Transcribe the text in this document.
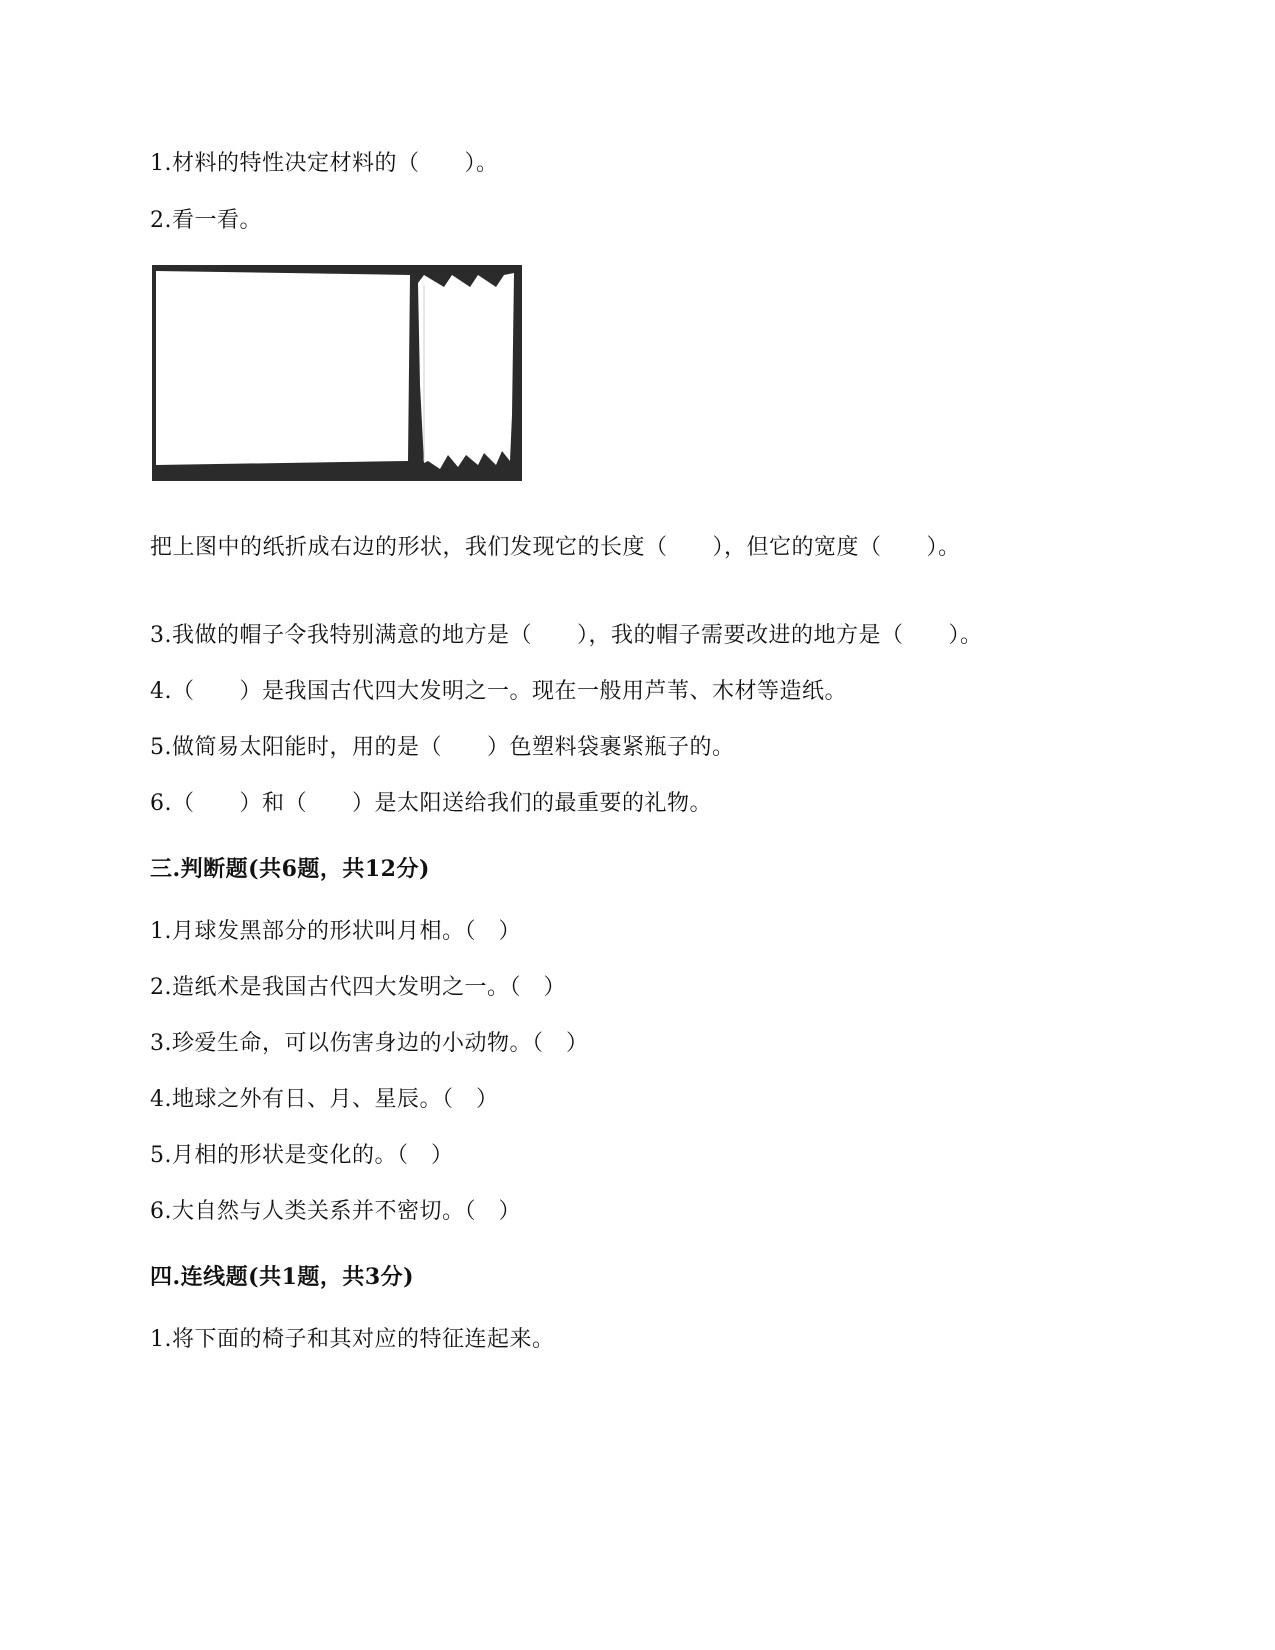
1.材料的特性决定材料的（　　）。
2.看一看。
把上图中的纸折成右边的形状，我们发现它的长度（　　），但它的宽度（　　）。
3.我做的帽子令我特别满意的地方是（　　），我的帽子需要改进的地方是（　　）。
4.（　　）是我国古代四大发明之一。现在一般用芦苇、木材等造纸。
5.做简易太阳能时，用的是（　　）色塑料袋裹紧瓶子的。
6.（　　）和（　　）是太阳送给我们的最重要的礼物。
三.判断题(共6题，共12分)
1.月球发黑部分的形状叫月相。（　）
2.造纸术是我国古代四大发明之一。（　）
3.珍爱生命，可以伤害身边的小动物。（　）
4.地球之外有日、月、星辰。（　）
5.月相的形状是变化的。（　）
6.大自然与人类关系并不密切。（　）
四.连线题(共1题，共3分)
1.将下面的椅子和其对应的特征连起来。
